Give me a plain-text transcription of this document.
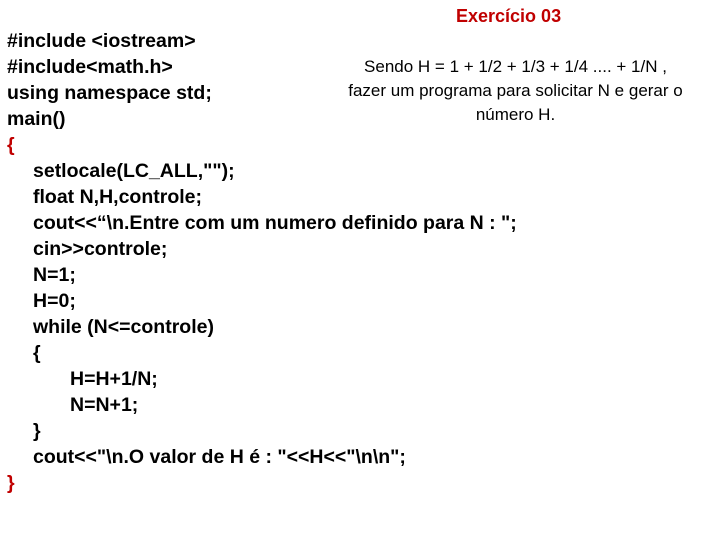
Exercício 03
Sendo H = 1 + 1/2 + 1/3 + 1/4 .... + 1/N ,
fazer um programa para solicitar N e gerar o
número H.
#include <iostream>
#include<math.h>
using namespace std;
main()
{
setlocale(LC_ALL,"");
float N,H,controle;
cout<<“\n.Entre com um numero definido para N : ";
cin>>controle;
N=1;
H=0;
while (N<=controle)
{
H=H+1/N;
N=N+1;
}
cout<<"\n.O valor de H é : "<<H<<"\n\n";
}
